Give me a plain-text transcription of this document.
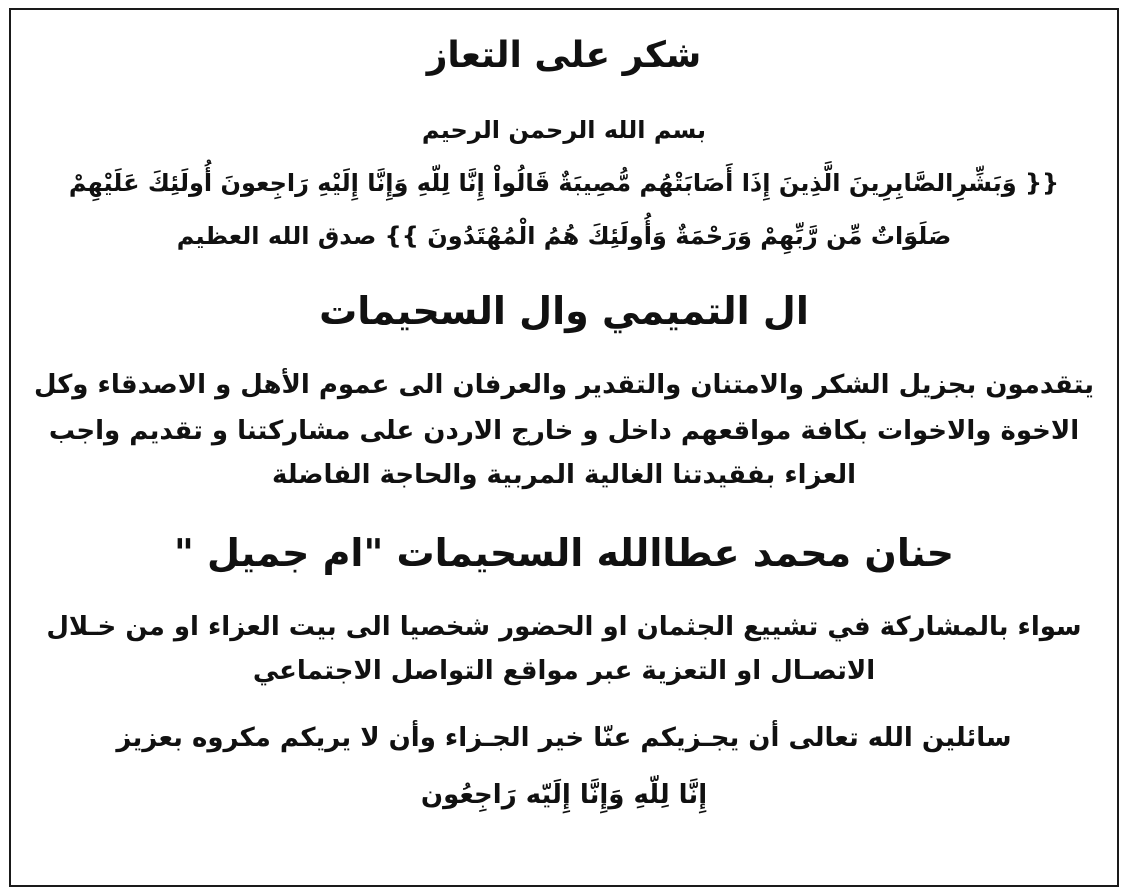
شكر على التعاز
بسم الله الرحمن الرحيم
{{ وَبَشِّرِالصَّابِرِينَ الَّذِينَ إِذَا أَصَابَتْهُم مُّصِيبَةٌ قَالُواْ إِنَّا لِلّهِ وَإِنَّا إِلَيْهِ رَاجِعونَ أُولَئِكَ عَلَيْهِمْ
صَلَوَاتٌ مِّن رَّبِّهِمْ وَرَحْمَةٌ وَأُولَئِكَ هُمُ الْمُهْتَدُونَ }} صدق الله العظيم
ال التميمي وال السحيمات
يتقدمون بجزيل الشكر والامتنان والتقدير والعرفان الى عموم الأهل و الاصدقاء وكل
الاخوة والاخوات بكافة مواقعهم داخل و خارج الاردن على مشاركتنا و تقديم واجب
العزاء بفقيدتنا الغالية المربية والحاجة الفاضلة
حنان محمد عطاالله السحيمات "ام جميل "
سواء بالمشاركة في تشييع الجثمان او الحضور شخصيا الى بيت العزاء او من خـلال
الاتصـال او التعزية عبر مواقع التواصل الاجتماعي
سائلين الله تعالى أن يجـزيكم عنّا خير الجـزاء وأن لا يريكم مكروه بعزيز
إِنَّا لِلّهِ وَإِنَّا إِلَيّه رَاجِعُون
